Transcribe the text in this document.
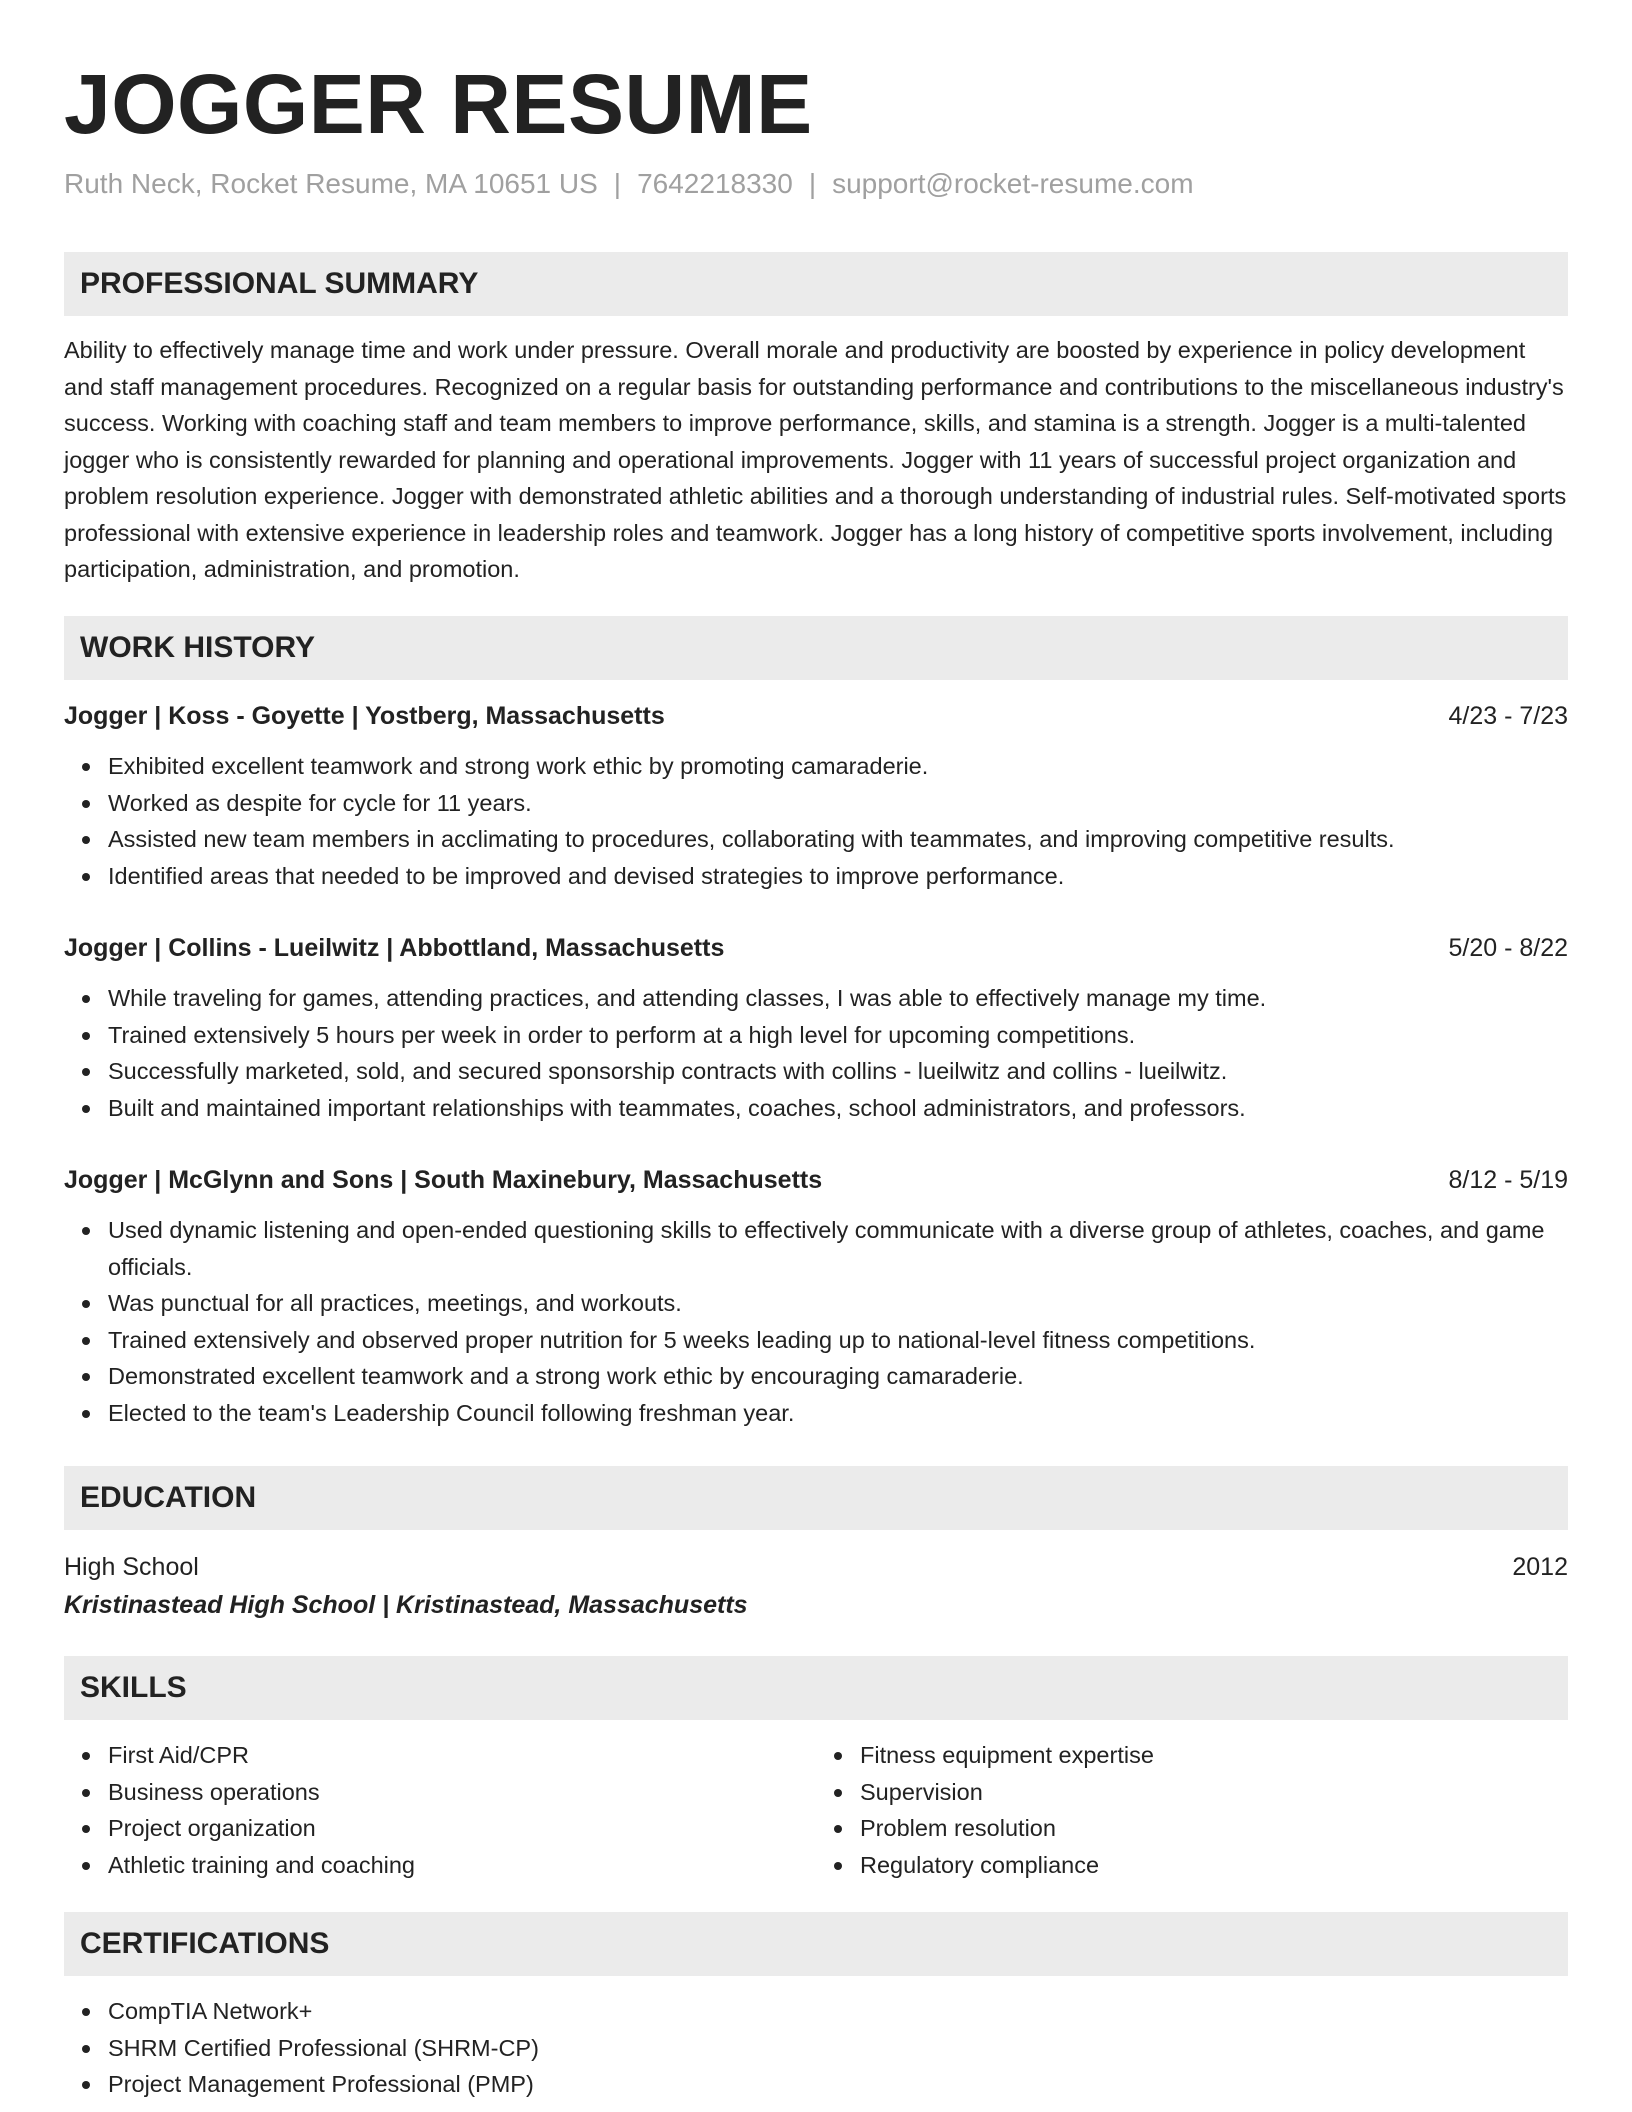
JOGGER RESUME
Ruth Neck, Rocket Resume, MA 10651 US | 7642218330 | support@rocket-resume.com
PROFESSIONAL SUMMARY

Ability to effectively manage time and work under pressure. Overall morale and productivity are boosted by experience in policy development and staff management procedures. Recognized on a regular basis for outstanding performance and contributions to the miscellaneous industry's success. Working with coaching staff and team members to improve performance, skills, and stamina is a strength. Jogger is a multi-talented jogger who is consistently rewarded for planning and operational improvements. Jogger with 11 years of successful project organization and problem resolution experience. Jogger with demonstrated athletic abilities and a thorough understanding of industrial rules. Self-motivated sports professional with extensive experience in leadership roles and teamwork. Jogger has a long history of competitive sports involvement, including participation, administration, and promotion.

WORK HISTORY
Jogger | Koss - Goyette | Yostberg, Massachusetts	4/23 - 7/23
Exhibited excellent teamwork and strong work ethic by promoting camaraderie.
Worked as despite for cycle for 11 years.
Assisted new team members in acclimating to procedures, collaborating with teammates, and improving competitive results.
Identified areas that needed to be improved and devised strategies to improve performance.
Jogger | Collins - Lueilwitz | Abbottland, Massachusetts	5/20 - 8/22
While traveling for games, attending practices, and attending classes, I was able to effectively manage my time.
Trained extensively 5 hours per week in order to perform at a high level for upcoming competitions.
Successfully marketed, sold, and secured sponsorship contracts with collins - lueilwitz and collins - lueilwitz.
Built and maintained important relationships with teammates, coaches, school administrators, and professors.
Jogger | McGlynn and Sons | South Maxinebury, Massachusetts	8/12 - 5/19
Used dynamic listening and open-ended questioning skills to effectively communicate with a diverse group of athletes, coaches, and game officials.
Was punctual for all practices, meetings, and workouts.
Trained extensively and observed proper nutrition for 5 weeks leading up to national-level fitness competitions.
Demonstrated excellent teamwork and a strong work ethic by encouraging camaraderie.
Elected to the team's Leadership Council following freshman year.
EDUCATION
High School	2012
Kristinastead High School | Kristinastead, Massachusetts
SKILLS
First Aid/CPR
Business operations
Project organization
Athletic training and coaching
Fitness equipment expertise
Supervision
Problem resolution
Regulatory compliance
CERTIFICATIONS
CompTIA Network+
SHRM Certified Professional (SHRM-CP)
Project Management Professional (PMP)
